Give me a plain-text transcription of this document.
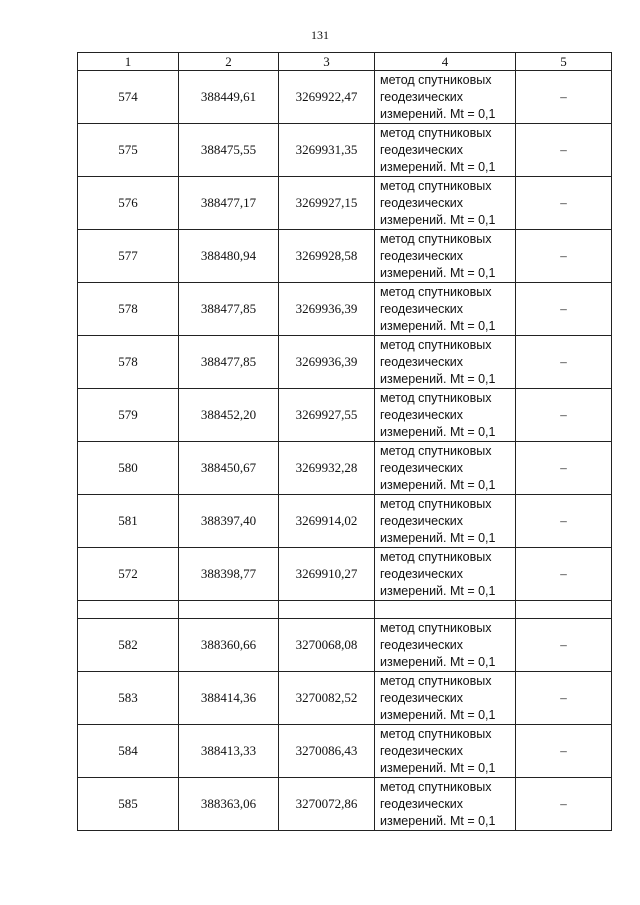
131
1	2	3	4	5
574	388449,61	3269922,47	метод спутниковых
геодезических
измерений. Mt = 0,1	–
575	388475,55	3269931,35	метод спутниковых
геодезических
измерений. Mt = 0,1	–
576	388477,17	3269927,15	метод спутниковых
геодезических
измерений. Mt = 0,1	–
577	388480,94	3269928,58	метод спутниковых
геодезических
измерений. Mt = 0,1	–
578	388477,85	3269936,39	метод спутниковых
геодезических
измерений. Mt = 0,1	–
578	388477,85	3269936,39	метод спутниковых
геодезических
измерений. Mt = 0,1	–
579	388452,20	3269927,55	метод спутниковых
геодезических
измерений. Mt = 0,1	–
580	388450,67	3269932,28	метод спутниковых
геодезических
измерений. Mt = 0,1	–
581	388397,40	3269914,02	метод спутниковых
геодезических
измерений. Mt = 0,1	–
572	388398,77	3269910,27	метод спутниковых
геодезических
измерений. Mt = 0,1	–

582	388360,66	3270068,08	метод спутниковых
геодезических
измерений. Mt = 0,1	–
583	388414,36	3270082,52	метод спутниковых
геодезических
измерений. Mt = 0,1	–
584	388413,33	3270086,43	метод спутниковых
геодезических
измерений. Mt = 0,1	–
585	388363,06	3270072,86	метод спутниковых
геодезических
измерений. Mt = 0,1	–
